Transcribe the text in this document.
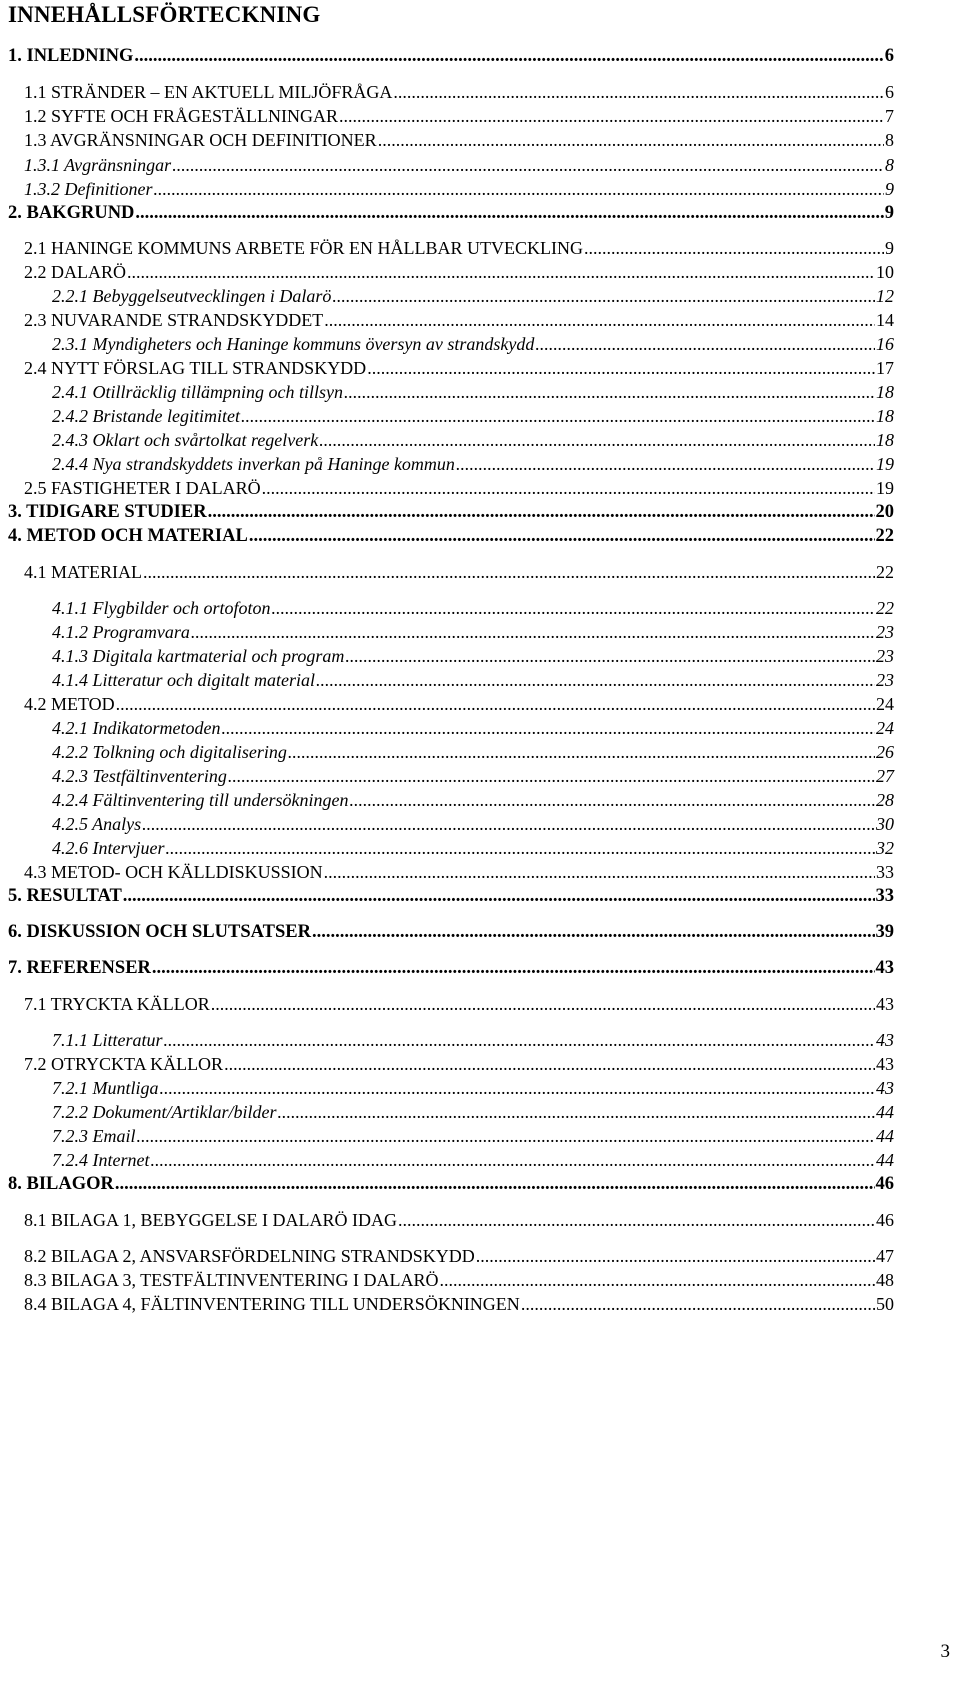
INNEHÅLLSFÖRTECKNING
1. INLEDNING .....	6
1.1 STRÄNDER – EN AKTUELL MILJÖFRÅGA .....	6
1.2 SYFTE OCH FRÅGESTÄLLNINGAR .....	7
1.3 AVGRÄNSNINGAR OCH DEFINITIONER .....	8
1.3.1 Avgränsningar .....	8
1.3.2 Definitioner .....	9
2. BAKGRUND .....	9
2.1 HANINGE KOMMUNS ARBETE FÖR EN HÅLLBAR UTVECKLING .....	9
2.2 DALARÖ .....	10
2.2.1 Bebyggelseutvecklingen i Dalarö .....	12
2.3 NUVARANDE STRANDSKYDDET .....	14
2.3.1 Myndigheters och Haninge kommuns översyn av strandskydd .....	16
2.4 NYTT FÖRSLAG TILL STRANDSKYDD .....	17
2.4.1 Otillräcklig tillämpning och tillsyn .....	18
2.4.2 Bristande legitimitet .....	18
2.4.3 Oklart och svårtolkat regelverk .....	18
2.4.4 Nya strandskyddets inverkan på Haninge kommun .....	19
2.5 FASTIGHETER I DALARÖ .....	19
3. TIDIGARE STUDIER .....	20
4. METOD OCH MATERIAL .....	22
4.1 MATERIAL .....	22
4.1.1 Flygbilder och ortofoton .....	22
4.1.2 Programvara .....	23
4.1.3 Digitala kartmaterial och program .....	23
4.1.4 Litteratur och digitalt material .....	23
4.2 METOD .....	24
4.2.1 Indikatormetoden .....	24
4.2.2 Tolkning och digitalisering .....	26
4.2.3 Testfältinventering .....	27
4.2.4 Fältinventering till undersökningen .....	28
4.2.5 Analys .....	30
4.2.6 Intervjuer .....	32
4.3 METOD- OCH KÄLLDISKUSSION .....	33
5. RESULTAT .....	33
6. DISKUSSION OCH SLUTSATSER .....	39
7. REFERENSER .....	43
7.1 TRYCKTA KÄLLOR .....	43
7.1.1 Litteratur .....	43
7.2 OTRYCKTA KÄLLOR .....	43
7.2.1 Muntliga .....	43
7.2.2 Dokument/Artiklar/bilder .....	44
7.2.3 Email .....	44
7.2.4 Internet .....	44
8. BILAGOR .....	46
8.1 BILAGA 1, BEBYGGELSE I DALARÖ IDAG .....	46
8.2 BILAGA 2, ANSVARSFÖRDELNING STRANDSKYDD .....	47
8.3 BILAGA 3, TESTFÄLTINVENTERING I DALARÖ .....	48
8.4 BILAGA 4, FÄLTINVENTERING TILL UNDERSÖKNINGEN .....	50
3
